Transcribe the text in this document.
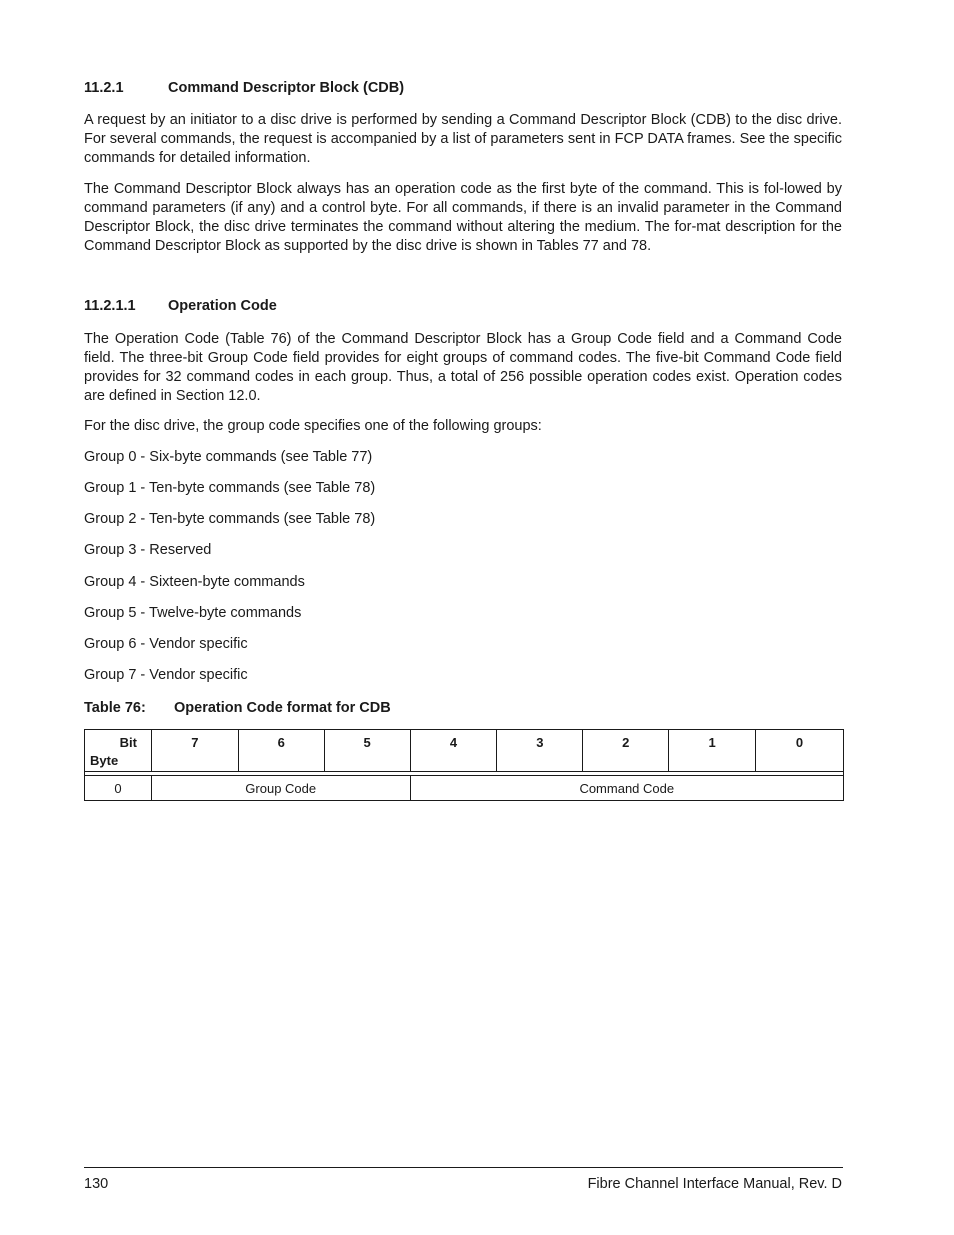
11.2.1	Command Descriptor Block (CDB)

A request by an initiator to a disc drive is performed by sending a Command Descriptor Block (CDB) to the disc drive. For several commands, the request is accompanied by a list of parameters sent in FCP DATA frames. See the specific commands for detailed information.

The Command Descriptor Block always has an operation code as the first byte of the command. This is fol-lowed by command parameters (if any) and a control byte. For all commands, if there is an invalid parameter in the Command Descriptor Block, the disc drive terminates the command without altering the medium. The for-mat description for the Command Descriptor Block as supported by the disc drive is shown in Tables 77 and 78.

11.2.1.1 Operation Code

The Operation Code (Table 76) of the Command Descriptor Block has a Group Code field and a Command Code field. The three-bit Group Code field provides for eight groups of command codes. The five-bit Command Code field provides for 32 command codes in each group. Thus, a total of 256 possible operation codes exist. Operation codes are defined in Section 12.0.

For the disc drive, the group code specifies one of the following groups:

Group 0 - Six-byte commands (see Table 77)
Group 1 - Ten-byte commands (see Table 78)
Group 2 - Ten-byte commands (see Table 78)
Group 3 - Reserved
Group 4 - Sixteen-byte commands
Group 5 - Twelve-byte commands
Group 6 - Vendor specific
Group 7 - Vendor specific
Table 76: Operation Code format for CDB
Bit
Byte	7	6	5	4	3	2	1	0

0	Group Code			Command Code				
130	Fibre Channel Interface Manual, Rev. D
